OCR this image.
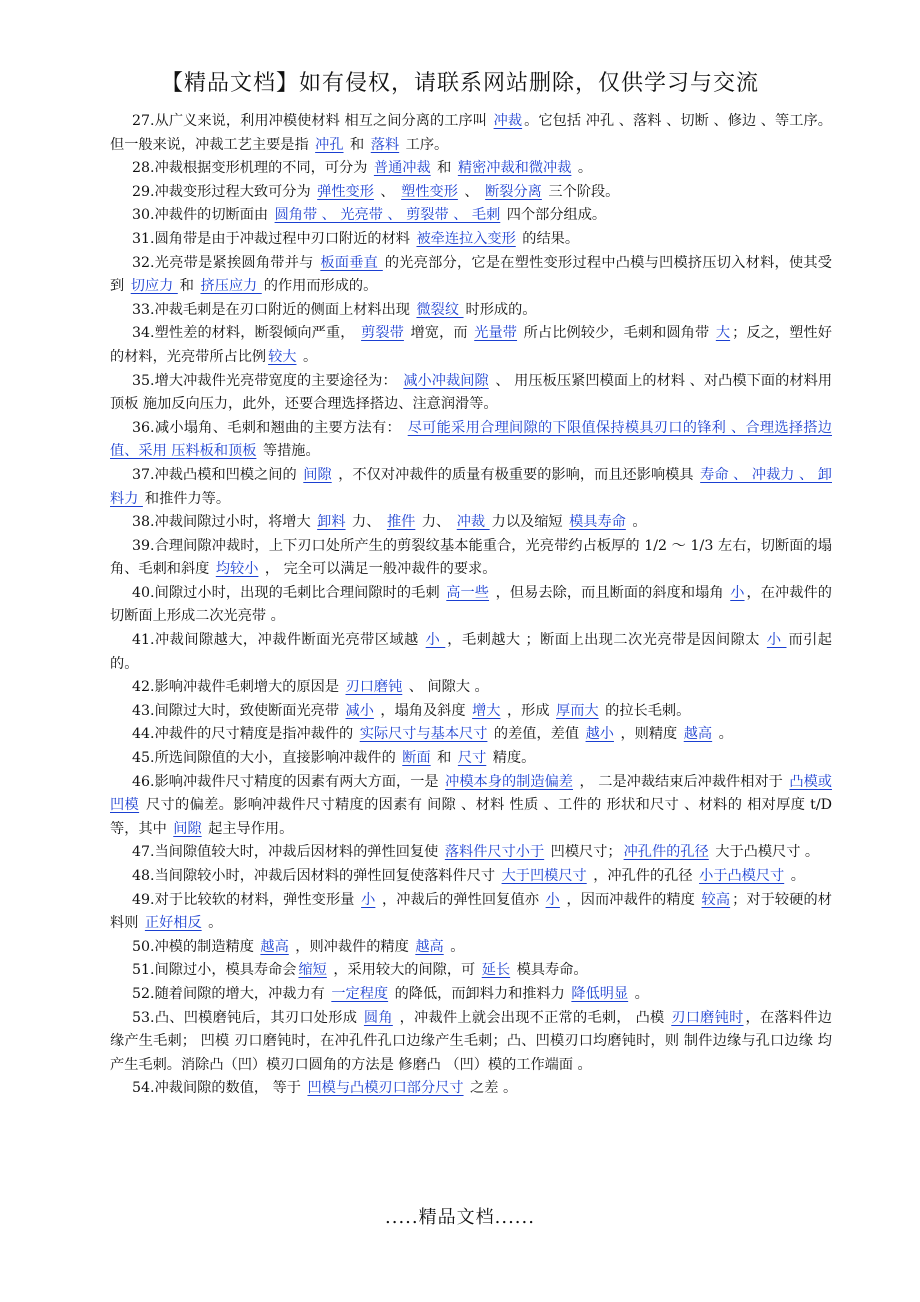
【精品文档】如有侵权，请联系网站删除，仅供学习与交流

27.从广义来说，利用冲模使材料 相互之间分离的工序叫 冲裁 。它包括 冲孔 、落料 、切断 、修边 、等工序。但一般来说，冲裁工艺主要是指 冲孔 和 落料 工序。

28.冲裁根据变形机理的不同，可分为 普通冲裁 和 精密冲裁和微冲裁 。

29.冲裁变形过程大致可分为 弹性变形 、 塑性变形 、 断裂分离 三个阶段。

30.冲裁件的切断面由 圆角带 、 光亮带 、 剪裂带 、 毛刺 四个部分组成。

31.圆角带是由于冲裁过程中刃口附近的材料 被牵连拉入变形 的结果。

32.光亮带是紧挨圆角带并与 板面垂直 的光亮部分，它是在塑性变形过程中凸模与凹模挤压切入材料，使其受到 切应力 和 挤压应力 的作用而形成的。

33.冲裁毛刺是在刃口附近的侧面上材料出现 微裂纹 时形成的。

34.塑性差的材料，断裂倾向严重， 剪裂带 增宽，而 光量带 所占比例较少，毛刺和圆角带 大 ；反之，塑性好的材料，光亮带所占比例 较大 。

35.增大冲裁件光亮带宽度的主要途径为： 减小冲裁间隙 、 用压板压紧凹模面上的材料 、对凸模下面的材料用顶板 施加反向压力，此外，还要合理选择搭边、注意润滑等。

36.减小塌角、毛刺和翘曲的主要方法有： 尽可能采用合理间隙的下限值保持模具刃口的锋利 、合理选择搭边值、采用 压料板和顶板 等措施。

37.冲裁凸模和凹模之间的 间隙 ，不仅对冲裁件的质量有极重要的影响，而且还影响模具 寿命 、 冲裁力 、 卸料力 和推件力等。

38.冲裁间隙过小时，将增大 卸料 力、 推件 力、 冲裁 力以及缩短 模具寿命 。

39.合理间隙冲裁时，上下刃口处所产生的剪裂纹基本能重合，光亮带约占板厚的 1/2 ～ 1/3 左右，切断面的塌角、毛刺和斜度 均较小 ， 完全可以满足一般冲裁件的要求。

40.间隙过小时，出现的毛刺比合理间隙时的毛刺 高一些 ，但易去除，而且断面的斜度和塌角 小 ，在冲裁件的切断面上形成二次光亮带 。

41.冲裁间隙越大，冲裁件断面光亮带区域越 小 ，毛刺越大 ；断面上出现二次光亮带是因间隙太 小 而引起的。

42.影响冲裁件毛刺增大的原因是 刃口磨钝 、 间隙大 。

43.间隙过大时，致使断面光亮带 减小 ，塌角及斜度 增大 ，形成 厚而大 的拉长毛刺。

44.冲裁件的尺寸精度是指冲裁件的 实际尺寸与基本尺寸 的差值，差值 越小 ，则精度 越高 。

45.所选间隙值的大小，直接影响冲裁件的 断面 和 尺寸 精度。

46.影响冲裁件尺寸精度的因素有两大方面，一是 冲模本身的制造偏差 ， 二是冲裁结束后冲裁件相对于 凸模或凹模 尺寸的偏差。影响冲裁件尺寸精度的因素有 间隙 、材料 性质 、工件的 形状和尺寸 、材料的 相对厚度 t/D 等，其中 间隙 起主导作用。

47.当间隙值较大时，冲裁后因材料的弹性回复使 落料件尺寸小于 凹模尺寸； 冲孔件的孔径 大于凸模尺寸 。

48.当间隙较小时，冲裁后因材料的弹性回复使落料件尺寸 大于凹模尺寸 ，冲孔件的孔径 小于凸模尺寸 。

49.对于比较软的材料，弹性变形量 小 ，冲裁后的弹性回复值亦 小 ，因而冲裁件的精度 较高 ；对于较硬的材料则 正好相反 。

50.冲模的制造精度 越高 ，则冲裁件的精度 越高 。

51.间隙过小，模具寿命会 缩短 ，采用较大的间隙，可 延长 模具寿命。

52.随着间隙的增大，冲裁力有 一定程度 的降低，而卸料力和推料力 降低明显 。

53.凸、凹模磨钝后，其刃口处形成 圆角 ，冲裁件上就会出现不正常的毛刺， 凸模 刃口磨钝时 ，在落料件边缘产生毛刺； 凹模 刃口磨钝时，在冲孔件孔口边缘产生毛刺；凸、凹模刃口均磨钝时，则 制件边缘与孔口边缘 均产生毛刺。消除凸（凹）模刃口圆角的方法是 修磨凸 （凹）模的工作端面 。

54.冲裁间隙的数值， 等于 凹模与凸模刃口部分尺寸 之差 。

.....精品文档......
